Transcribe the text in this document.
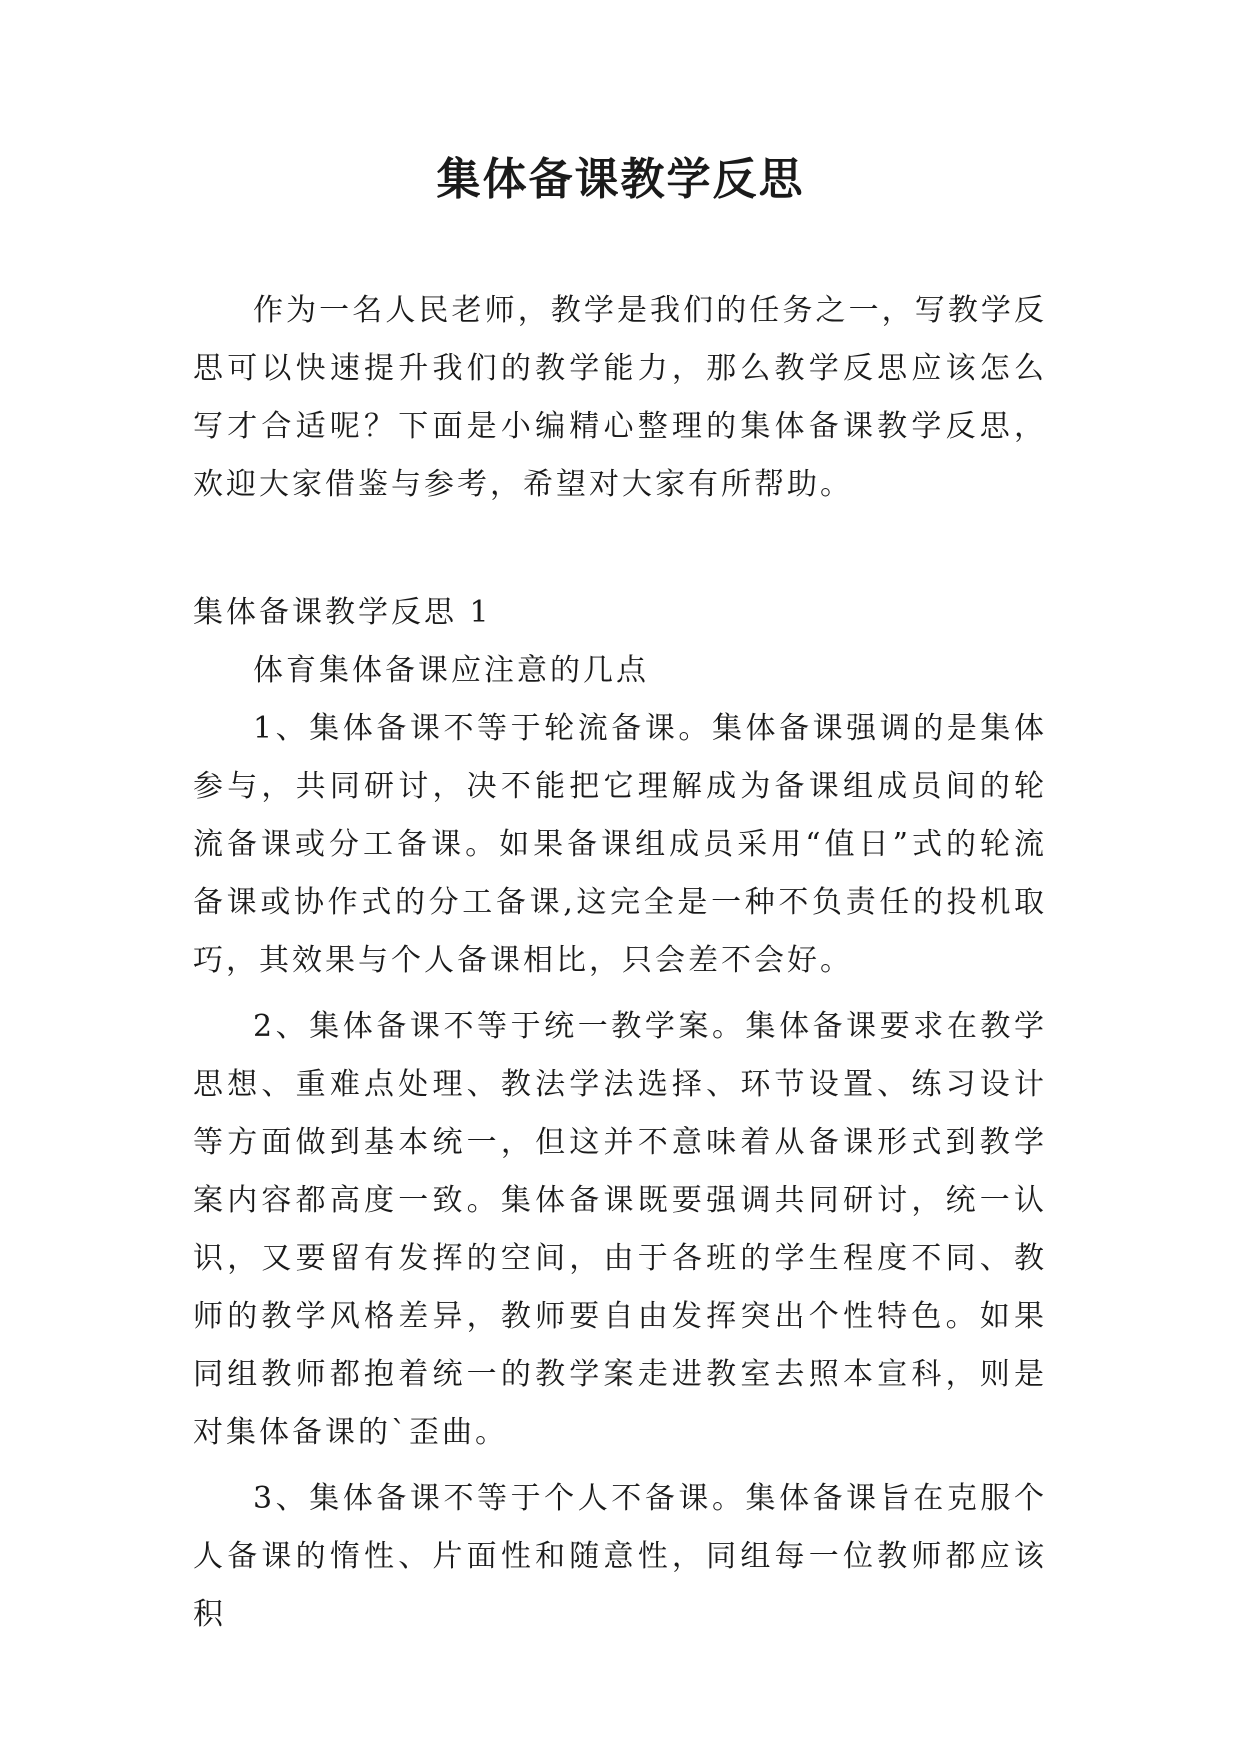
集体备课教学反思

作为一名人民老师，教学是我们的任务之一，写教学反思可以快速提升我们的教学能力，那么教学反思应该怎么写才合适呢？下面是小编精心整理的集体备课教学反思，欢迎大家借鉴与参考，希望对大家有所帮助。

集体备课教学反思 1

体育集体备课应注意的几点

1、集体备课不等于轮流备课。集体备课强调的是集体参与，共同研讨，决不能把它理解成为备课组成员间的轮流备课或分工备课。如果备课组成员采用“值日”式的轮流备课或协作式的分工备课,这完全是一种不负责任的投机取巧，其效果与个人备课相比，只会差不会好。

2、集体备课不等于统一教学案。集体备课要求在教学思想、重难点处理、教法学法选择、环节设置、练习设计等方面做到基本统一，但这并不意味着从备课形式到教学案内容都高度一致。集体备课既要强调共同研讨，统一认识，又要留有发挥的空间，由于各班的学生程度不同、教师的教学风格差异，教师要自由发挥突出个性特色。如果同组教师都抱着统一的教学案走进教室去照本宣科，则是对集体备课的`歪曲。

3、集体备课不等于个人不备课。集体备课旨在克服个人备课的惰性、片面性和随意性，同组每一位教师都应该积
